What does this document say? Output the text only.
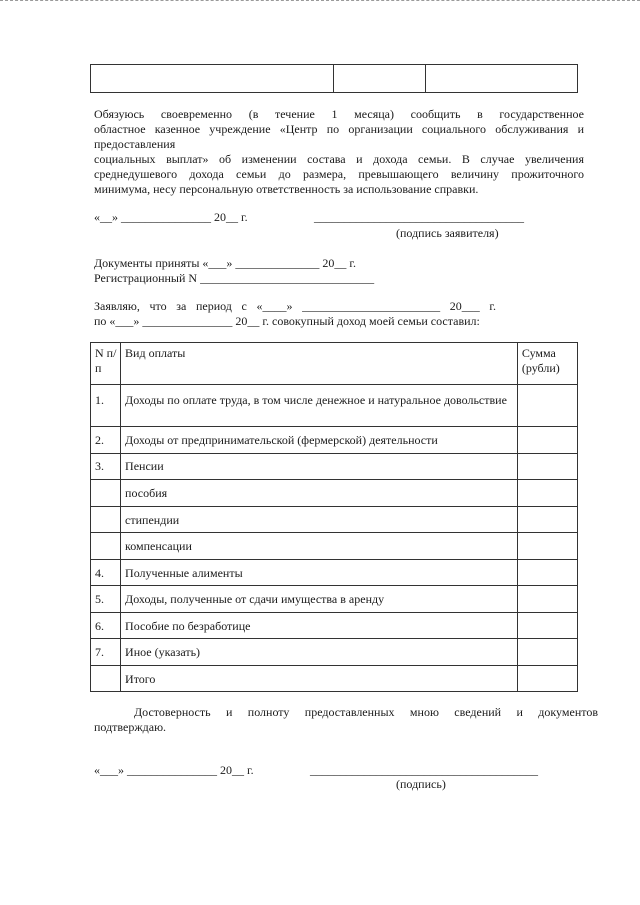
Обязуюсь своевременно (в течение 1 месяца) сообщить в государственное
областное казенное учреждение «Центр по организации социального обслуживания и
предоставления
социальных выплат» об изменении состава и дохода семьи. В случае увеличения
среднедушевого дохода семьи до размера, превышающего величину прожиточного
минимума, несу персональную ответственность за использование справки.
«__» _______________ 20__ г.	___________________________________
(подпись заявителя)
Документы приняты «___» ______________ 20__ г.
Регистрационный N _____________________________
Заявляю, что за период с «____» _______________________ 20___ г.
по «___» _______________ 20__ г. совокупный доход моей семьи составил:
N п/п	Вид оплаты	Сумма (рубли)
1.	Доходы по оплате труда, в том числе денежное и натуральное довольствие	
2.	Доходы от предпринимательской (фермерской) деятельности	
3.	Пенсии	
	пособия	
	стипендии	
	компенсации	
4.	Полученные алименты	
5.	Доходы, полученные от сдачи имущества в аренду	
6.	Пособие по безработице	
7.	Иное (указать)	
	Итого	
Достоверность и полноту предоставленных мною сведений и документов
подтверждаю.
«___» _______________ 20__ г.	______________________________________
(подпись)
